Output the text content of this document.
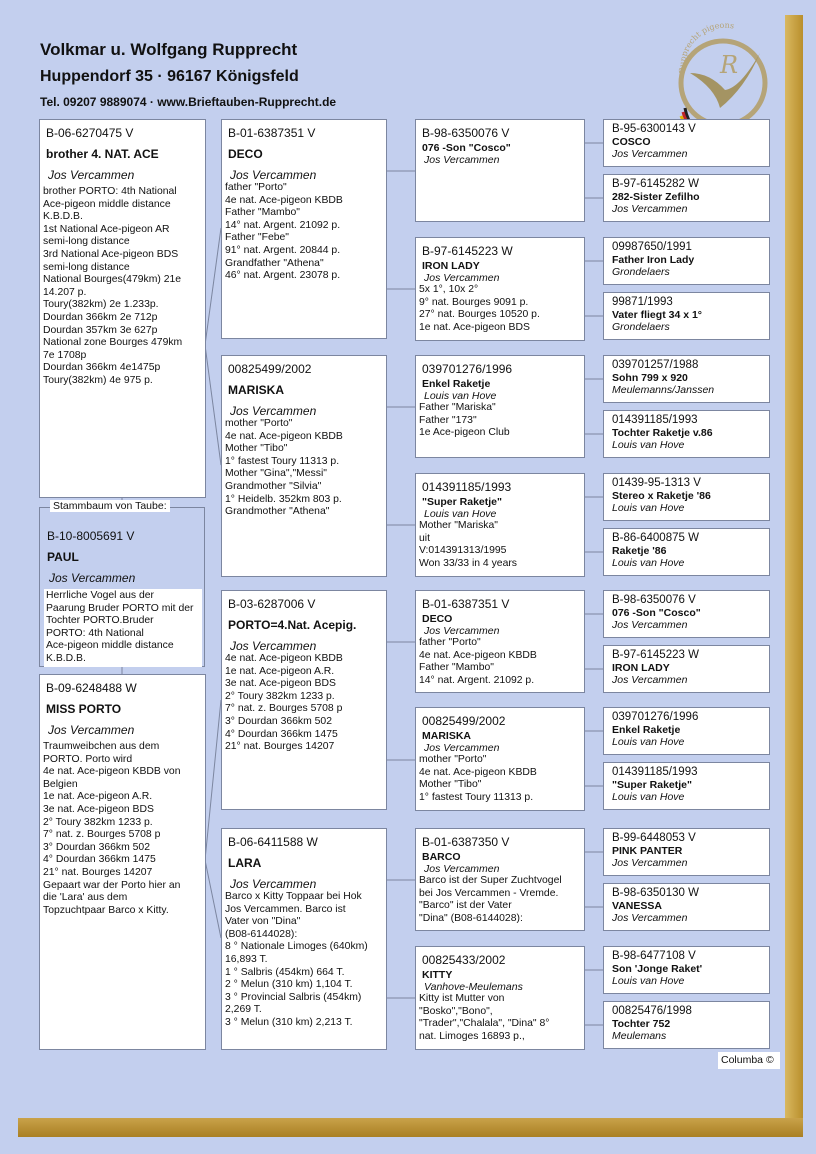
Volkmar u. Wolfgang Rupprecht
Huppendorf 35 · 96167 Königsfeld
Tel. 09207 9889074 · www.Brieftauben-Rupprecht.de
R
Rupprecht pigeons
B-06-6270475 V
brother 4. NAT. ACE
Jos Vercammen
brother PORTO: 4th National
Ace-pigeon middle distance
K.B.D.B.
1st National Ace-pigeon AR
semi-long distance
3rd National Ace-pigeon BDS
semi-long distance
National Bourges(479km) 21e
14.207 p.
Toury(382km) 2e 1.233p.
Dourdan 366km 2e 712p
Dourdan 357km 3e 627p
National zone Bourges 479km
7e 1708p
Dourdan 366km 4e1475p
Toury(382km) 4e 975 p.
Stammbaum von Taube:
B-10-8005691 V
PAUL
Jos Vercammen
Herrliche Vogel aus der
Paarung Bruder PORTO mit der
Tochter PORTO.Bruder
PORTO: 4th National
Ace-pigeon middle distance
K.B.D.B.
B-09-6248488 W
MISS PORTO
Jos Vercammen
Traumweibchen aus dem
PORTO. Porto wird
4e nat. Ace-pigeon KBDB von
Belgien
1e nat. Ace-pigeon A.R.
3e nat. Ace-pigeon BDS
2° Toury 382km 1233 p.
7° nat. z. Bourges 5708 p
3° Dourdan 366km 502
4° Dourdan 366km 1475
21° nat. Bourges 14207
Gepaart war der Porto hier an
die 'Lara' aus dem
Topzuchtpaar Barco x Kitty.
B-01-6387351 V
DECO
Jos Vercammen
father "Porto"
4e nat. Ace-pigeon KBDB
Father "Mambo"
14° nat. Argent. 21092 p.
Father "Febe"
91° nat. Argent. 20844 p.
Grandfather "Athena"
46° nat. Argent. 23078 p.
00825499/2002
MARISKA
Jos Vercammen
mother "Porto"
4e nat. Ace-pigeon KBDB
Mother "Tibo"
1° fastest Toury 11313 p.
Mother "Gina","Messi"
Grandmother "Silvia"
1° Heidelb. 352km 803 p.
Grandmother "Athena"
B-03-6287006 V
PORTO=4.Nat. Acepig.
Jos Vercammen
4e nat. Ace-pigeon KBDB
1e nat. Ace-pigeon A.R.
3e nat. Ace-pigeon BDS
2° Toury 382km 1233 p.
7° nat. z. Bourges 5708 p
3° Dourdan 366km 502
4° Dourdan 366km 1475
21° nat. Bourges 14207
B-06-6411588 W
LARA
Jos Vercammen
Barco x Kitty Toppaar bei Hok
Jos Vercammen. Barco ist
Vater von "Dina"
(B08-6144028):
8 ° Nationale Limoges (640km)
16,893 T.
1 ° Salbris (454km) 664 T.
2 ° Melun (310 km) 1,104 T.
3 ° Provincial Salbris (454km)
2,269 T.
3 ° Melun (310 km) 2,213 T.
B-98-6350076 V
076 -Son "Cosco"
Jos Vercammen
B-97-6145223 W
IRON LADY
Jos Vercammen
5x 1°, 10x 2°
9° nat. Bourges 9091 p.
27° nat. Bourges 10520 p.
1e nat. Ace-pigeon BDS
039701276/1996
Enkel Raketje
Louis van Hove
Father "Mariska"
Father "173"
1e Ace-pigeon Club
014391185/1993
"Super Raketje"
Louis van Hove
Mother "Mariska"
uit
V:014391313/1995
Won 33/33 in 4 years
B-01-6387351 V
DECO
Jos Vercammen
father "Porto"
4e nat. Ace-pigeon KBDB
Father "Mambo"
14° nat. Argent. 21092 p.
00825499/2002
MARISKA
Jos Vercammen
mother "Porto"
4e nat. Ace-pigeon KBDB
Mother "Tibo"
1° fastest Toury 11313 p.
B-01-6387350 V
BARCO
Jos Vercammen
Barco ist der Super Zuchtvogel
bei Jos Vercammen - Vremde.
"Barco" ist der Vater
"Dina" (B08-6144028):
00825433/2002
KITTY
Vanhove-Meulemans
Kitty ist Mutter von
"Bosko","Bono",
"Trader","Chalala", "Dina" 8°
nat. Limoges 16893 p.,
B-95-6300143 V
COSCO
Jos Vercammen
B-97-6145282 W
282-Sister Zefilho
Jos Vercammen
09987650/1991
Father Iron Lady
Grondelaers
99871/1993
Vater fliegt 34 x 1°
Grondelaers
039701257/1988
Sohn 799 x 920
Meulemanns/Janssen
014391185/1993
Tochter Raketje v.86
Louis van Hove
01439-95-1313 V
Stereo x Raketje '86
Louis van Hove
B-86-6400875 W
Raketje '86
Louis van Hove
B-98-6350076 V
076 -Son "Cosco"
Jos Vercammen
B-97-6145223 W
IRON LADY
Jos Vercammen
039701276/1996
Enkel Raketje
Louis van Hove
014391185/1993
"Super Raketje"
Louis van Hove
B-99-6448053 V
PINK PANTER
Jos Vercammen
B-98-6350130 W
VANESSA
Jos Vercammen
B-98-6477108 V
Son 'Jonge Raket'
Louis van Hove
00825476/1998
Tochter 752
Meulemans
Columba ©
